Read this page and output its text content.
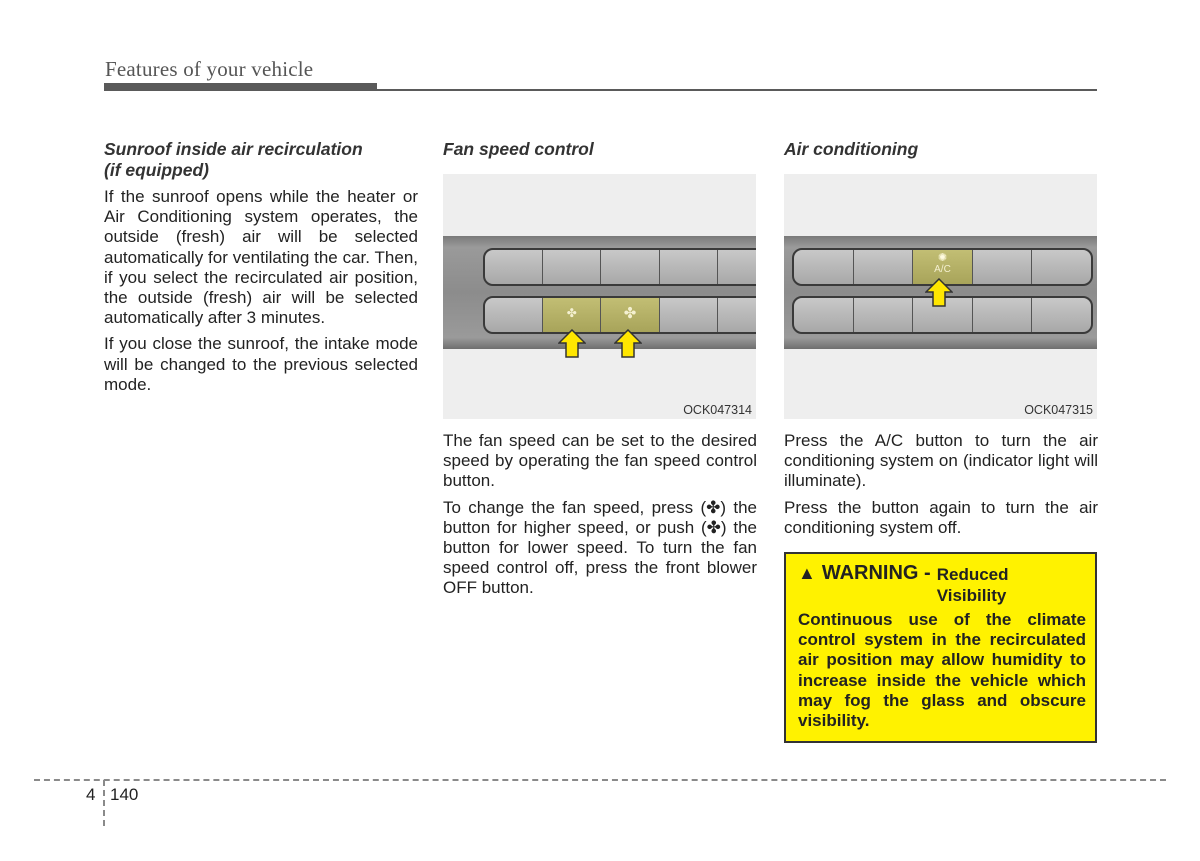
Features of your vehicle
Sunroof inside air recirculation
(if equipped)

If the sunroof opens while the heater or Air Conditioning system operates, the outside (fresh) air will be selected automatically for ventilating the car. Then, if you select the recirculated air position, the outside (fresh) air will be selected automatically after 3 minutes.

If you close the sunroof, the intake mode will be changed to the previous selected mode.

Fan speed control
✤	✤
OCK047314

The fan speed can be set to the desired speed by operating the fan speed control button.

To change the fan speed, press (✤) the button for higher speed, or push (✤) the button for lower speed. To turn the fan speed control off, press the front blower OFF button.

Air conditioning
✺
A/C
OCK047315

Press the A/C button to turn the air conditioning system on (indicator light will illuminate).

Press the button again to turn the air conditioning system off.

▲ WARNING - Reduced
Visibility
Continuous use of the climate control system in the recirculated air position may allow humidity to increase inside the vehicle which may fog the glass and obscure visibility.
4 140
